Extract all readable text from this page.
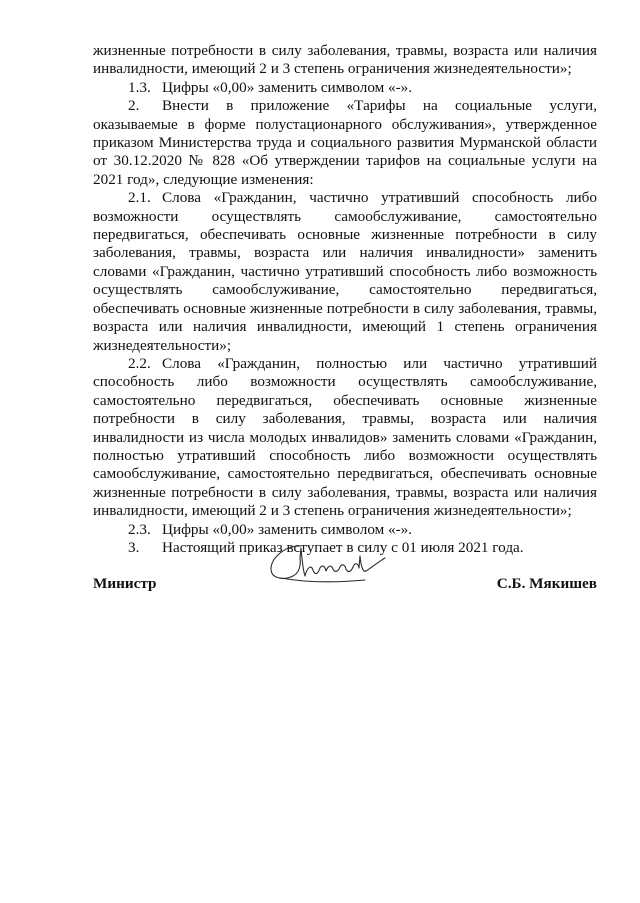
жизненные потребности в силу заболевания, травмы, возраста или наличия инвалидности, имеющий 2 и 3 степень ограничения жизнедеятельности»;

1.3. Цифры «0,00» заменить символом «-».

2. Внести в приложение «Тарифы на социальные услуги, оказываемые в форме полустационарного обслуживания», утвержденное приказом Министерства труда и социального развития Мурманской области от 30.12.2020 № 828 «Об утверждении тарифов на социальные услуги на 2021 год», следующие изменения:

2.1. Слова «Гражданин, частично утративший способность либо возможности осуществлять самообслуживание, самостоятельно передвигаться, обеспечивать основные жизненные потребности в силу заболевания, травмы, возраста или наличия инвалидности» заменить словами «Гражданин, частично утративший способность либо возможность осуществлять самообслуживание, самостоятельно передвигаться, обеспечивать основные жизненные потребности в силу заболевания, травмы, возраста или наличия инвалидности, имеющий 1 степень ограничения жизнедеятельности»;

2.2. Слова «Гражданин, полностью или частично утративший способность либо возможности осуществлять самообслуживание, самостоятельно передвигаться, обеспечивать основные жизненные потребности в силу заболевания, травмы, возраста или наличия инвалидности из числа молодых инвалидов» заменить словами «Гражданин, полностью утративший способность либо возможности осуществлять самообслуживание, самостоятельно передвигаться, обеспечивать основные жизненные потребности в силу заболевания, травмы, возраста или наличия инвалидности, имеющий 2 и 3 степень ограничения жизнедеятельности»;

2.3. Цифры «0,00» заменить символом «-».

3. Настоящий приказ вступает в силу с 01 июля 2021 года.

Министр	С.Б. Мякишев
